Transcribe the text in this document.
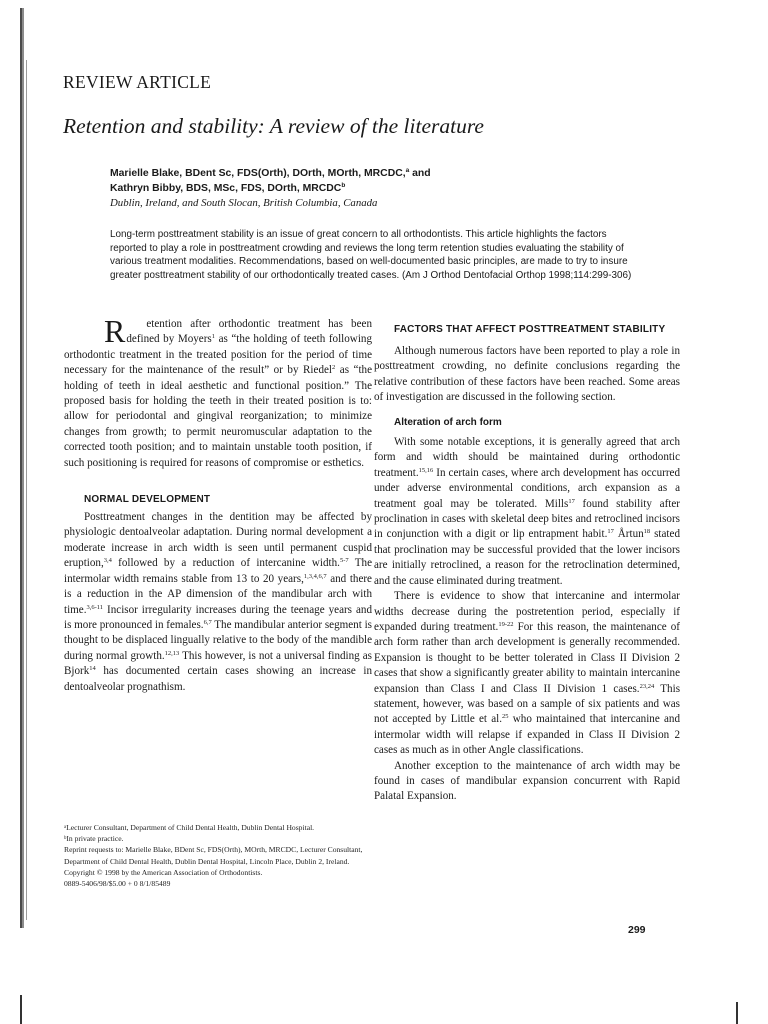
REVIEW ARTICLE
Retention and stability: A review of the literature
Marielle Blake, BDent Sc, FDS(Orth), DOrth, MOrth, MRCDC,$^a$ and
Kathryn Bibby, BDS, MSc, FDS, DOrth, MRCDC$^b$
Dublin, Ireland, and South Slocan, British Columbia, Canada
Long-term posttreatment stability is an issue of great concern to all orthodontists. This article highlights the factors reported to play a role in posttreatment crowding and reviews the long term retention studies evaluating the stability of various treatment modalities. Recommendations, based on well-documented basic principles, are made to try to insure greater posttreatment stability of our orthodontically treated cases. (Am J Orthod Dentofacial Orthop 1998;114:299-306)

R etention after orthodontic treatment has been defined by Moyers$^1$ as “the holding of teeth following orthodontic treatment in the treated position for the period of time necessary for the maintenance of the result” or by Riedel$^2$ as “the holding of teeth in ideal aesthetic and functional position.” The proposed basis for holding the teeth in their treated position is to: allow for periodontal and gingival reorganization; to minimize changes from growth; to permit neuromuscular adaptation to the corrected tooth position; and to maintain unstable tooth position, if such positioning is required for reasons of compromise or esthetics.

NORMAL DEVELOPMENT

Posttreatment changes in the dentition may be affected by physiologic dentoalveolar adaptation. During normal development a moderate increase in arch width is seen until permanent cuspid eruption,$^{3,4}$ followed by a reduction of intercanine width.$^{5-7}$ The intermolar width remains stable from 13 to 20 years,$^{1,3,4,6,7}$ and there is a reduction in the AP dimension of the mandibular arch with time.$^{3,6-11}$ Incisor irregularity increases during the teenage years and is more pronounced in females.$^{6,7}$ The mandibular anterior segment is thought to be displaced lingually relative to the body of the mandible during normal growth.$^{12,13}$ This however, is not a universal finding as Bjork$^{14}$ has documented certain cases showing an increase in dentoalveolar prognathism.

ᵃLecturer Consultant, Department of Child Dental Health, Dublin Dental Hospital.
ᵇIn private practice.
Reprint requests to: Marielle Blake, BDent Sc, FDS(Orth), MOrth, MRCDC, Lecturer Consultant, Department of Child Dental Health, Dublin Dental Hospital, Lincoln Place, Dublin 2, Ireland.
Copyright © 1998 by the American Association of Orthodontists.
0889-5406/98/$5.00 + 0 8/1/85489

FACTORS THAT AFFECT POSTTREATMENT STABILITY

Although numerous factors have been reported to play a role in posttreatment crowding, no definite conclusions regarding the relative contribution of these factors have been reached. Some areas of investigation are discussed in the following section.

Alteration of arch form

With some notable exceptions, it is generally agreed that arch form and width should be maintained during orthodontic treatment.$^{15,16}$ In certain cases, where arch development has occurred under adverse environmental conditions, arch expansion as a treatment goal may be tolerated. Mills$^{17}$ found stability after proclination in cases with skeletal deep bites and retroclined incisors in conjunction with a digit or lip entrapment habit.$^{17}$ Årtun$^{18}$ stated that proclination may be successful provided that the lower incisors are initially retroclined, a reason for the retroclination determined, and the cause eliminated during treatment.

There is evidence to show that intercanine and intermolar widths decrease during the postretention period, especially if expanded during treatment.$^{19-22}$ For this reason, the maintenance of arch form rather than arch development is generally recommended. Expansion is thought to be better tolerated in Class II Division 2 cases that show a significantly greater ability to maintain intercanine expansion than Class I and Class II Division 1 cases.$^{23,24}$ This statement, however, was based on a sample of six patients and was not accepted by Little et al.$^{25}$ who maintained that intercanine and intermolar width will relapse if expanded in Class II Division 2 cases as much as in other Angle classifications.

Another exception to the maintenance of arch width may be found in cases of mandibular expansion concurrent with Rapid Palatal Expansion.

299
